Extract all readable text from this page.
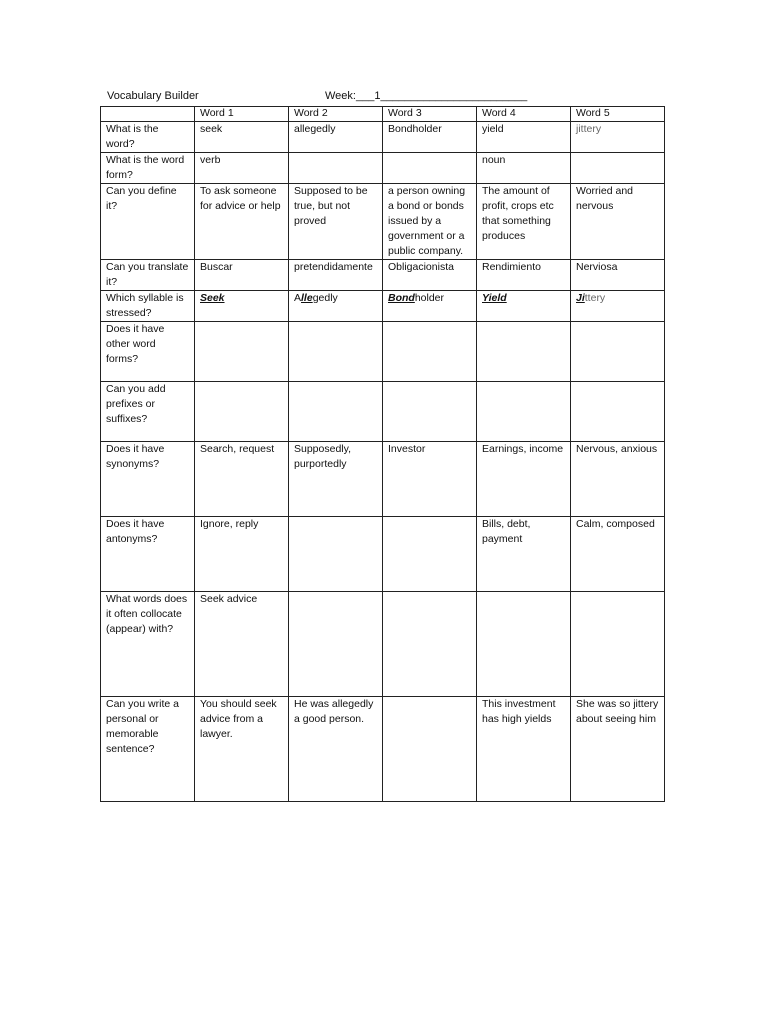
Vocabulary Builder	Week:___1________________________
	Word 1	Word 2	Word 3	Word 4	Word 5
What is the word?	seek	allegedly	Bondholder	yield	jittery
What is the word form?	verb			noun	
Can you define it?	To ask someone for advice or help	Supposed to be true, but not proved	a person owning a bond or bonds issued by a government or a public company.	The amount of profit, crops etc that something produces	Worried and nervous
Can you translate it?	Buscar	pretendidamente	Obligacionista	Rendimiento	Nerviosa
Which syllable is stressed?	Seek	Allegedly	Bondholder	Yield	Jittery
Does it have other word forms?					
Can you add prefixes or suffixes?					
Does it have synonyms?	Search, request	Supposedly, purportedly	Investor	Earnings, income	Nervous, anxious
Does it have antonyms?	Ignore, reply			Bills, debt, payment	Calm, composed
What words does it often collocate (appear) with?	Seek advice				
Can you write a personal or memorable sentence?	You should seek advice from a lawyer.	He was allegedly a good person.		This investment has high yields	She was so jittery about seeing him
